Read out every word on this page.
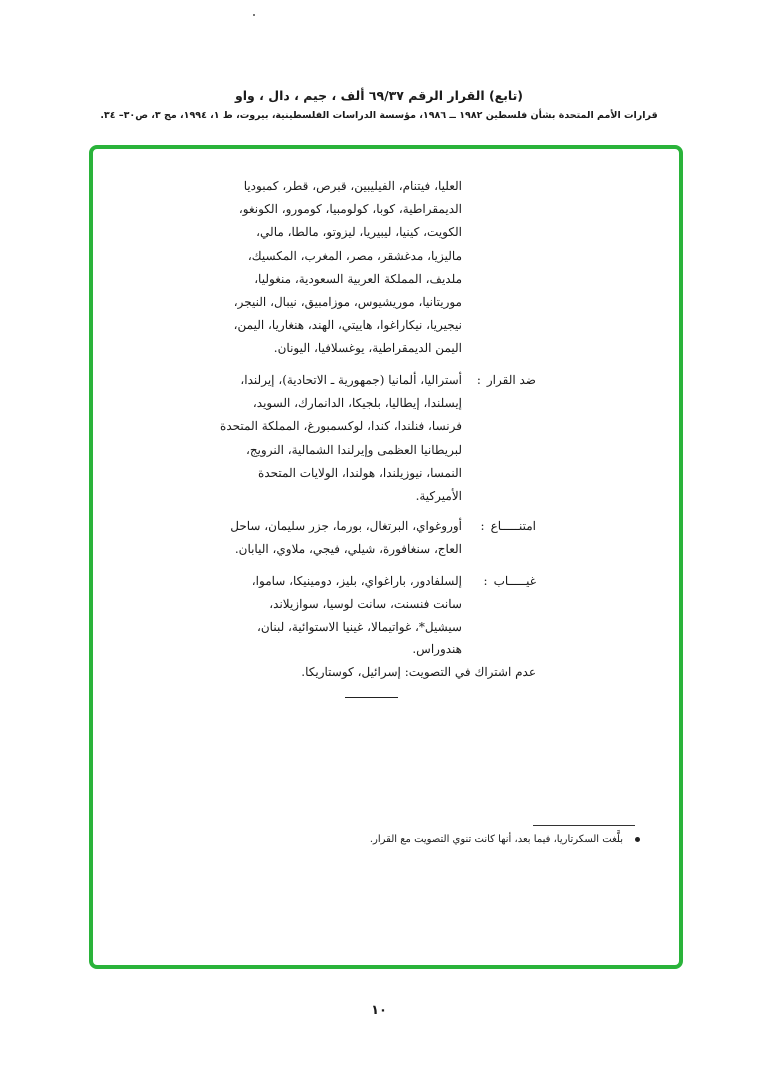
(تابع) القرار الرقم ٦٩/٣٧ ألف ، جيم ، دال ، واو
قرارات الأمم المتحدة بشأن فلسطين ١٩٨٢ ــ ١٩٨٦، مؤسسة الدراسات الفلسطينية، بيروت، ط ١، ١٩٩٤، مج ٣، ص٣٠– ٣٤.
العليا، فيتنام، الفيليبين، قبرص، قطر، كمبوديا
الديمقراطية، كوبا، كولومبيا، كومورو، الكونغو،
الكويت، كينيا، ليبيريا، ليزوتو، مالطا، مالي،
ماليزيا، مدغشقر، مصر، المغرب، المكسيك،
ملديف، المملكة العربية السعودية، منغوليا،
موريتانيا، موريشيوس، موزامبيق، نيبال، النيجر،
نيجيريا، نيكاراغوا، هاييتي، الهند، هنغاريا، اليمن،
اليمن الديمقراطية، يوغسلافيا، اليونان.
ضد القرار:
أستراليا، ألمانيا (جمهورية ـ الاتحادية)، إيرلندا،
إيسلندا، إيطاليا، بلجيكا، الدانمارك، السويد،
فرنسا، فنلندا، كندا، لوكسمبورغ، المملكة المتحدة
لبريطانيا العظمى وإيرلندا الشمالية، النرويج،
النمسا، نيوزيلندا، هولندا، الولايات المتحدة
الأميركية.
امتنـــــاع:
أوروغواي، البرتغال، بورما، جزر سليمان، ساحل
العاج، سنغافورة، شيلي، فيجي، ملاوي، اليابان.
غيـــــاب:
إلسلفادور، باراغواي، بليز، دومينيكا، ساموا،
سانت فنسنت، سانت لوسيا، سوازيلاند،
سيشيل*، غواتيمالا، غينيا الاستوائية، لبنان،
هندوراس.
عدم اشتراك في التصويت: إسرائيل، كوستاريكا.
بلَّغت السكرتاريا، فيما بعد، أنها كانت تنوي التصويت مع القرار.
١٠
